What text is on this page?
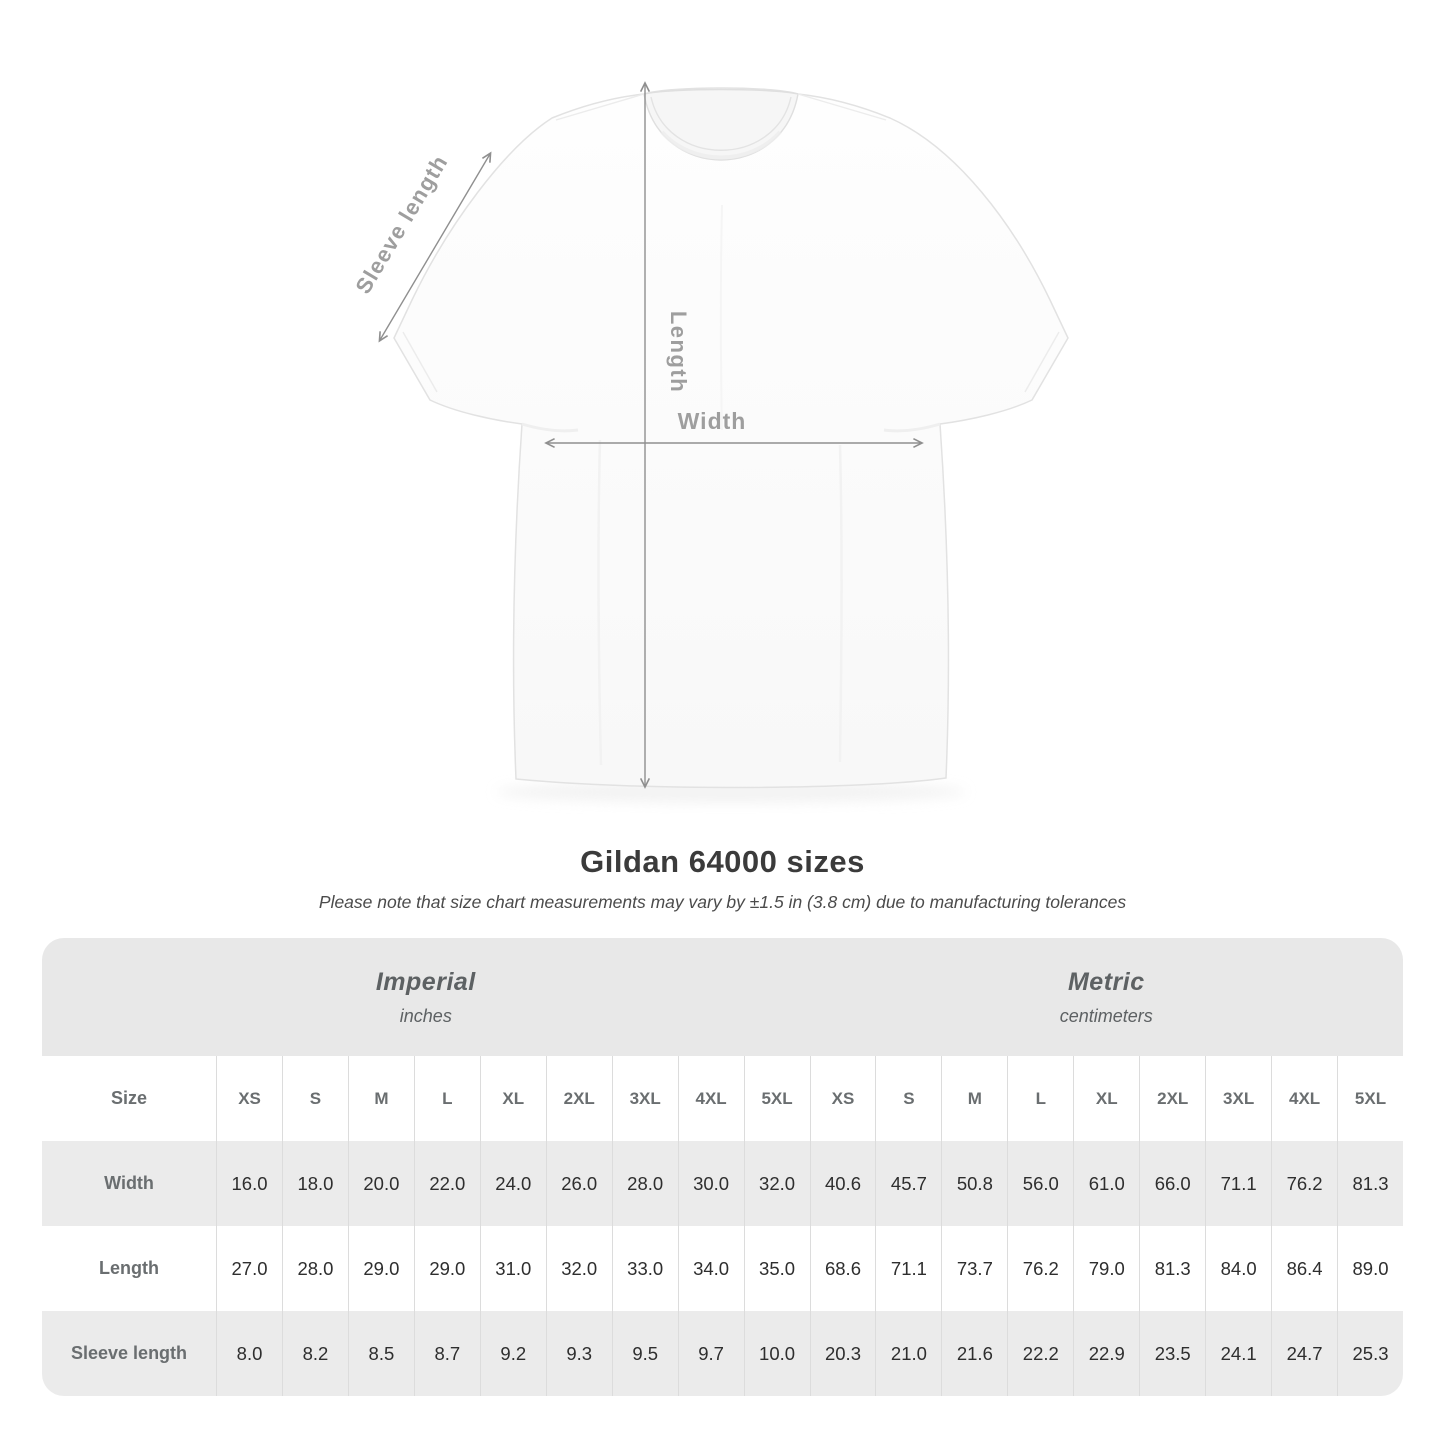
Width
Length
Sleeve length
Gildan 64000 sizes

Please note that size chart measurements may vary by ±1.5 in (3.8 cm) due to manufacturing tolerances

Imperial
inches
Metric
centimeters
Size	XS	S	M	L	XL	2XL	3XL	4XL	5XL	XS	S	M	L	XL	2XL	3XL	4XL	5XL
Width	16.0	18.0	20.0	22.0	24.0	26.0	28.0	30.0	32.0	40.6	45.7	50.8	56.0	61.0	66.0	71.1	76.2	81.3
Length	27.0	28.0	29.0	29.0	31.0	32.0	33.0	34.0	35.0	68.6	71.1	73.7	76.2	79.0	81.3	84.0	86.4	89.0
Sleeve length	8.0	8.2	8.5	8.7	9.2	9.3	9.5	9.7	10.0	20.3	21.0	21.6	22.2	22.9	23.5	24.1	24.7	25.3
